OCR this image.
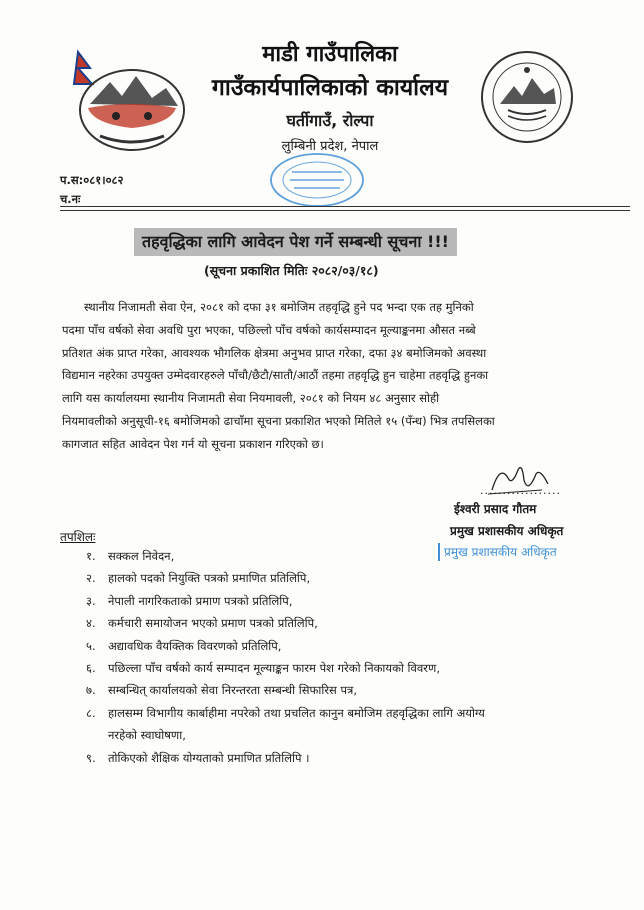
माडी गाउँपालिका
गाउँकार्यपालिकाको कार्यालय
घर्तीगाउँ, रोल्पा
लुम्बिनी प्रदेश, नेपाल
प.स:०८१।०८२
च.नः
तहवृद्धिका लागि आवेदन पेश गर्ने सम्बन्धी सूचना !!!
(सूचना प्रकाशित मितिः २०८२/०३/१८)
स्थानीय निजामती सेवा ऐन, २०८१ को दफा ३१ बमोजिम तहवृद्धि हुने पद भन्दा एक तह मुनिको
पदमा पाँच वर्षको सेवा अवधि पुरा भएका, पछिल्लो पाँच वर्षको कार्यसम्पादन मूल्याङ्कनमा औसत नब्बे
प्रतिशत अंक प्राप्त गरेका, आवश्यक भौगलिक क्षेत्रमा अनुभव प्राप्त गरेका, दफा ३४ बमोजिमको अवस्था
विद्यमान नहरेका उपयुक्त उम्मेदवारहरुले पाँचौ/छैटौ/सातौ/आठौं तहमा तहवृद्धि हुन चाहेमा तहवृद्धि हुनका
लागि यस कार्यालयमा स्थानीय निजामती सेवा नियमावली, २०८१ को नियम ४८ अनुसार सोही
नियमावलीको अनुसूची-१६ बमोजिमको ढाचाँमा सूचना प्रकाशित भएको मितिले १५ (पँन्ध) भित्र तपसिलका
कागजात सहित आवेदन पेश गर्न यो सूचना प्रकाशन गरिएको छ।
..................
ईश्वरी प्रसाद गौतम
प्रमुख प्रशासकीय अधिकृत
प्रमुख प्रशासकीय अधिकृत
तपशिलः
१.	सक्कल निवेदन,
२.	हालको पदको नियुक्ति पत्रको प्रमाणित प्रतिलिपि,
३.	नेपाली नागरिकताको प्रमाण पत्रको प्रतिलिपि,
४.	कर्मचारी समायोजन भएको प्रमाण पत्रको प्रतिलिपि,
५.	अद्यावधिक वैयक्तिक विवरणको प्रतिलिपि,
६.	पछिल्ला पाँच वर्षको कार्य सम्पादन मूल्याङ्कन फारम पेश गरेको निकायको विवरण,
७.	सम्बन्धित् कार्यालयको सेवा निरन्तरता सम्बन्धी सिफारिस पत्र,
८.	हालसम्म विभागीय कार्बाहीमा नपरेको तथा प्रचलित कानुन बमोजिम तहवृद्धिका लागि अयोग्य
नरहेको स्वाघोषणा,
९.	तोकिएको शैक्षिक योग्यताको प्रमाणित प्रतिलिपि ।
